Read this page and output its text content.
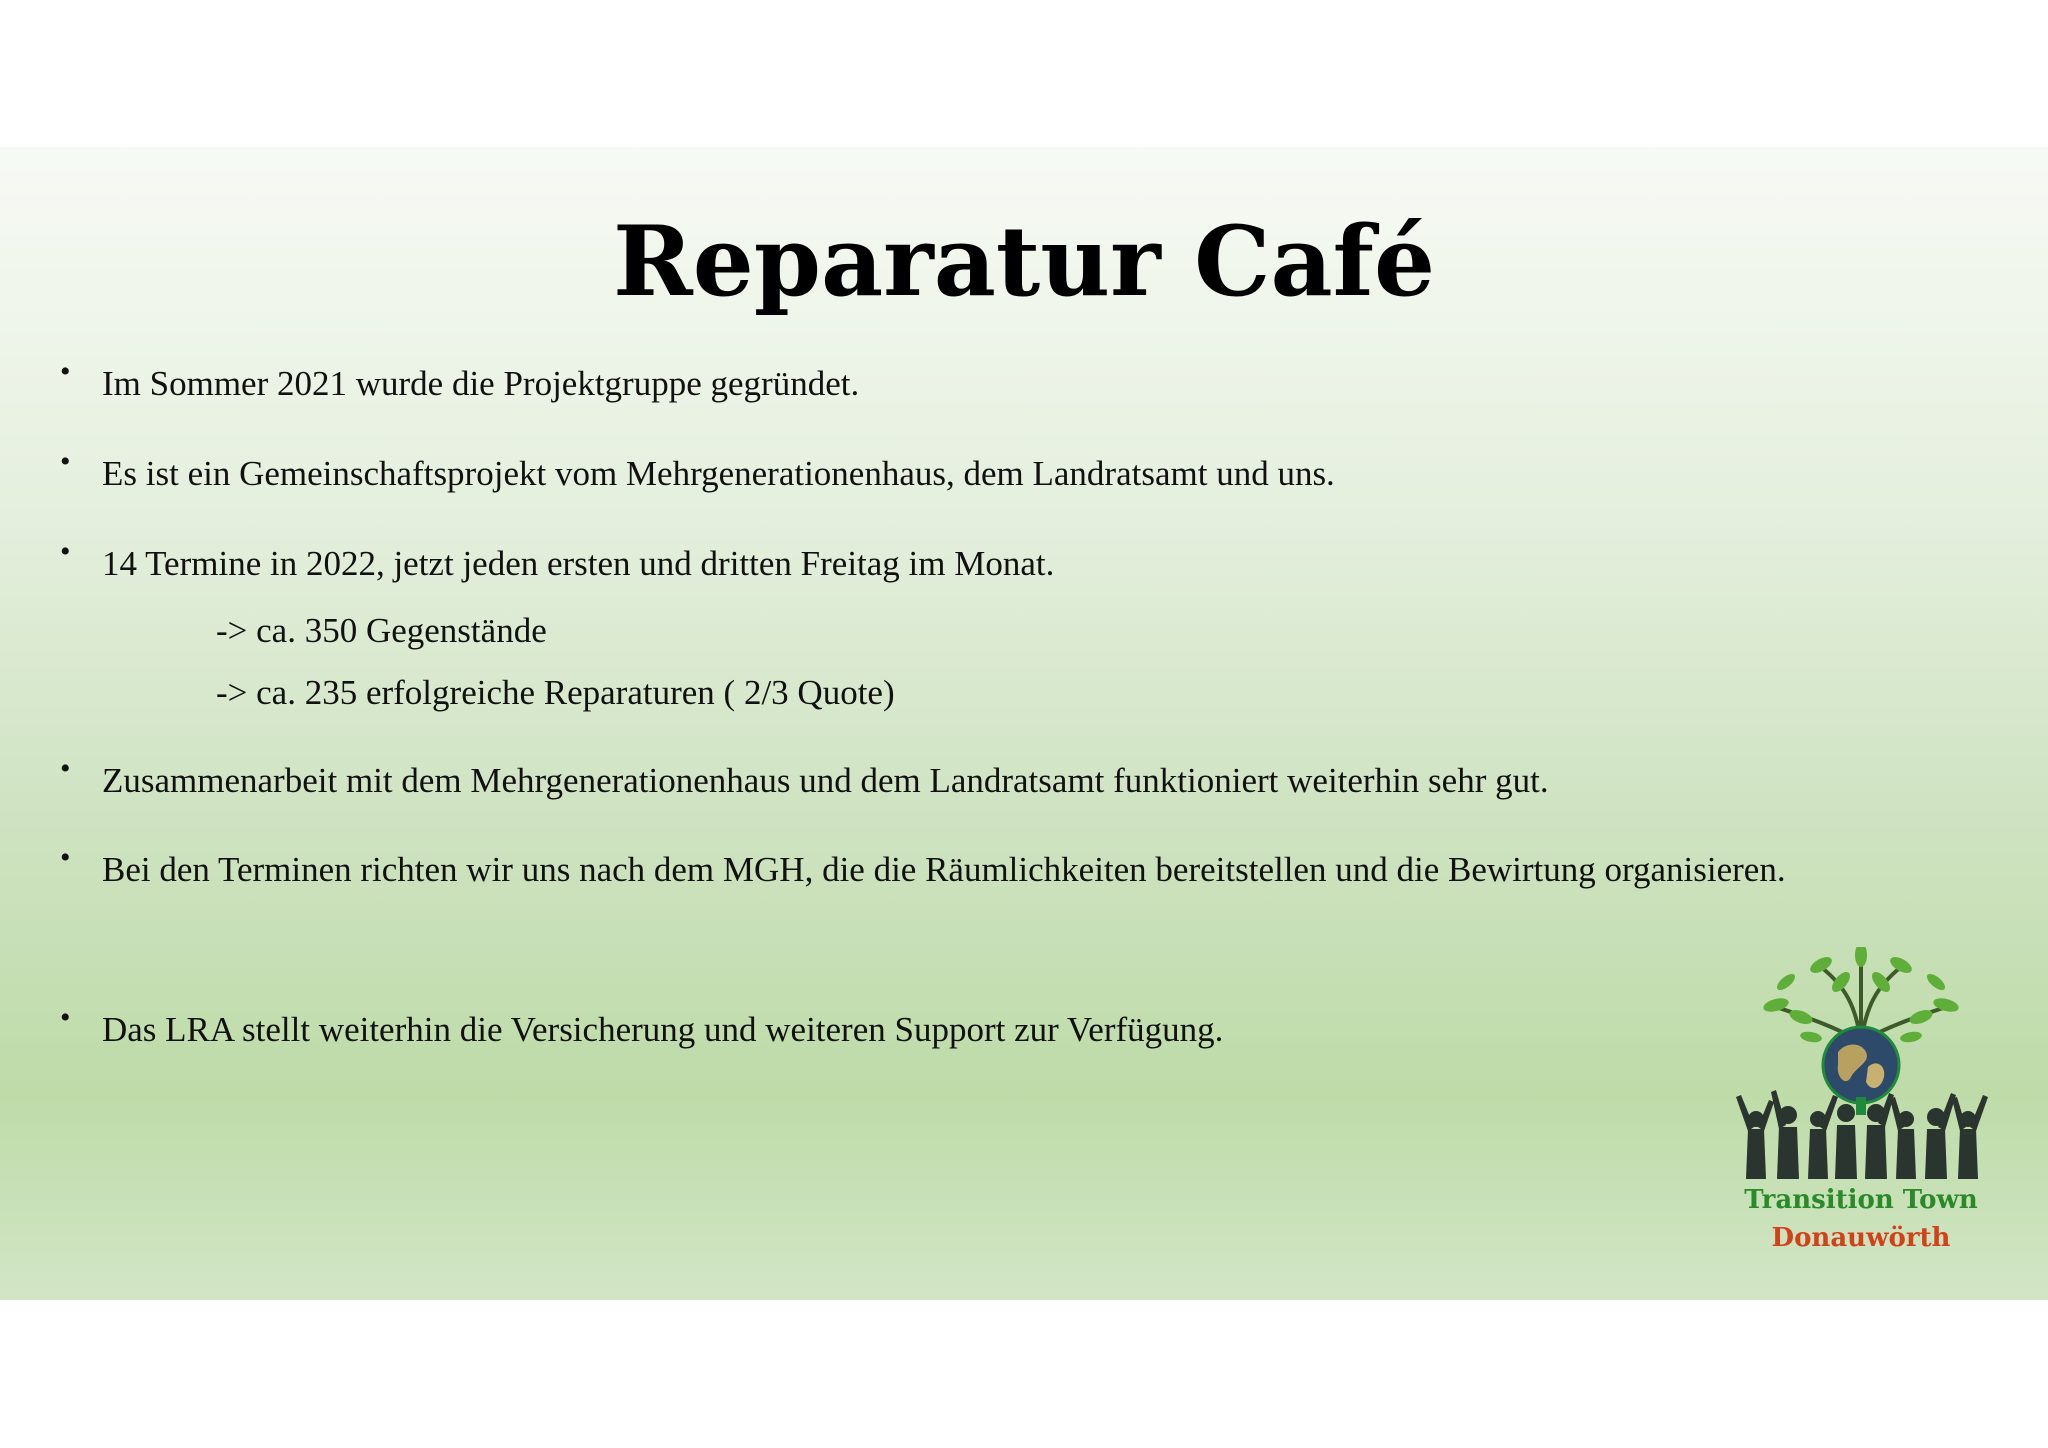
Reparatur Café
• Im Sommer 2021 wurde die Projektgruppe gegründet.
• Es ist ein Gemeinschaftsprojekt vom Mehrgenerationenhaus, dem Landratsamt und uns.
• 14 Termine in 2022, jetzt jeden ersten und dritten Freitag im Monat.
-> ca. 350 Gegenstände
-> ca. 235 erfolgreiche Reparaturen ( 2/3 Quote)
• Zusammenarbeit mit dem Mehrgenerationenhaus und dem Landratsamt funktioniert weiterhin sehr gut.
• Bei den Terminen richten wir uns nach dem MGH, die die Räumlichkeiten bereitstellen und die Bewirtung organisieren.
• Das LRA stellt weiterhin die Versicherung und weiteren Support zur Verfügung.
Transition Town
Donauwörth
